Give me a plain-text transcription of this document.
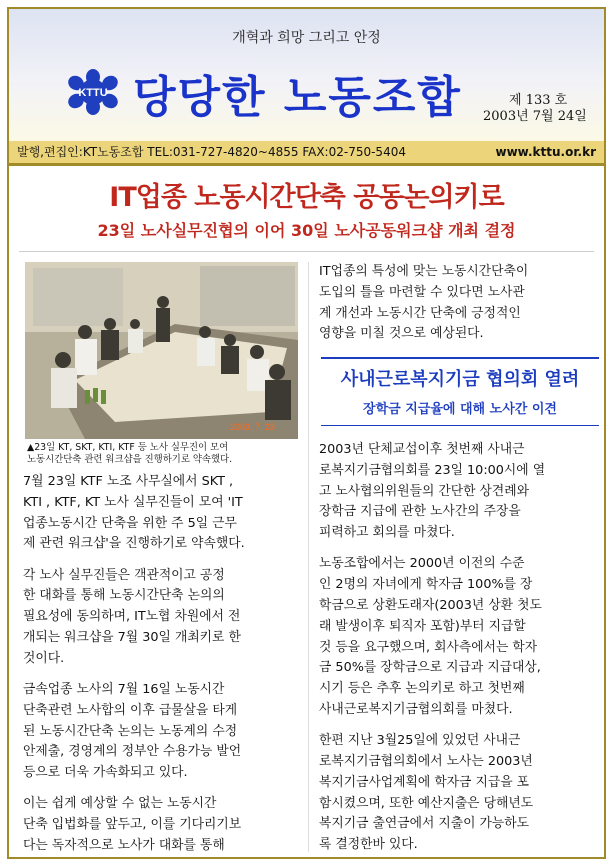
개혁과 희망 그리고 안정
KTTU 당당한 노동조합	제 133 호
2003년 7월 24일
발행,편집인:KT노동조합 TEL:031-727-4820~4855 FAX:02-750-5404	www.kttu.or.kr
IT업종 노동시간단축 공동논의키로
23일 노사실무진협의 이어 30일 노사공동워크샵 개최 결정
2003. 7. 23
▲23일 KT, SKT, KTI, KTF 등 노사 실무진이 모여
노동시간단축 관련 워크샵을 진행하기로 약속했다.
7월 23일 KTF 노조 사무실에서 SKT ,
KTI , KTF, KT 노사 실무진들이 모여 'IT
업종노동시간 단축을 위한 주 5일 근무
제 관련 워크샵'을 진행하기로 약속했다.
각 노사 실무진들은 객관적이고 공정
한 대화를 통해 노동시간단축 논의의
필요성에 동의하며, IT노협 차원에서 전
개되는 워크샵을 7월 30일 개최키로 한
것이다.
금속업종 노사의 7월 16일 노동시간
단축관련 노사합의 이후 급물살을 타게
된 노동시간단축 논의는 노동계의 수정
안제출, 경영계의 정부안 수용가능 발언
등으로 더욱 가속화되고 있다.
이는 쉽게 예상할 수 없는 노동시간
단축 입법화를 앞두고, 이를 기다리기보
다는 독자적으로 노사가 대화를 통해
IT업종의 특성에 맞는 노동시간단축이
도입의 틀을 마련할 수 있다면 노사관
계 개선과 노동시간 단축에 긍정적인
영향을 미칠 것으로 예상된다.
사내근로복지기금 협의회 열려
장학금 지급율에 대해 노사간 이견
2003년 단체교섭이후 첫번째 사내근
로복지기금협의회를 23일 10:00시에 열
고 노사협의위원들의 간단한 상견례와
장학금 지급에 관한 노사간의 주장을
피력하고 회의를 마쳤다.
노동조합에서는 2000년 이전의 수준
인 2명의 자녀에게 학자금 100%를 장
학금으로 상환도래자(2003년 상환 첫도
래 발생이후 퇴직자 포함)부터 지급할
것 등을 요구했으며, 회사측에서는 학자
금 50%를 장학금으로 지급과 지급대상,
시기 등은 추후 논의키로 하고 첫번째
사내근로복지기금협의회를 마쳤다.
한편 지난 3월25일에 있었던 사내근
로복지기금협의회에서 노사는 2003년
복지기금사업계획에 학자금 지급을 포
함시켰으며, 또한 예산지출은 당해년도
복지기금 출연금에서 지출이 가능하도
록 결정한바 있다.
